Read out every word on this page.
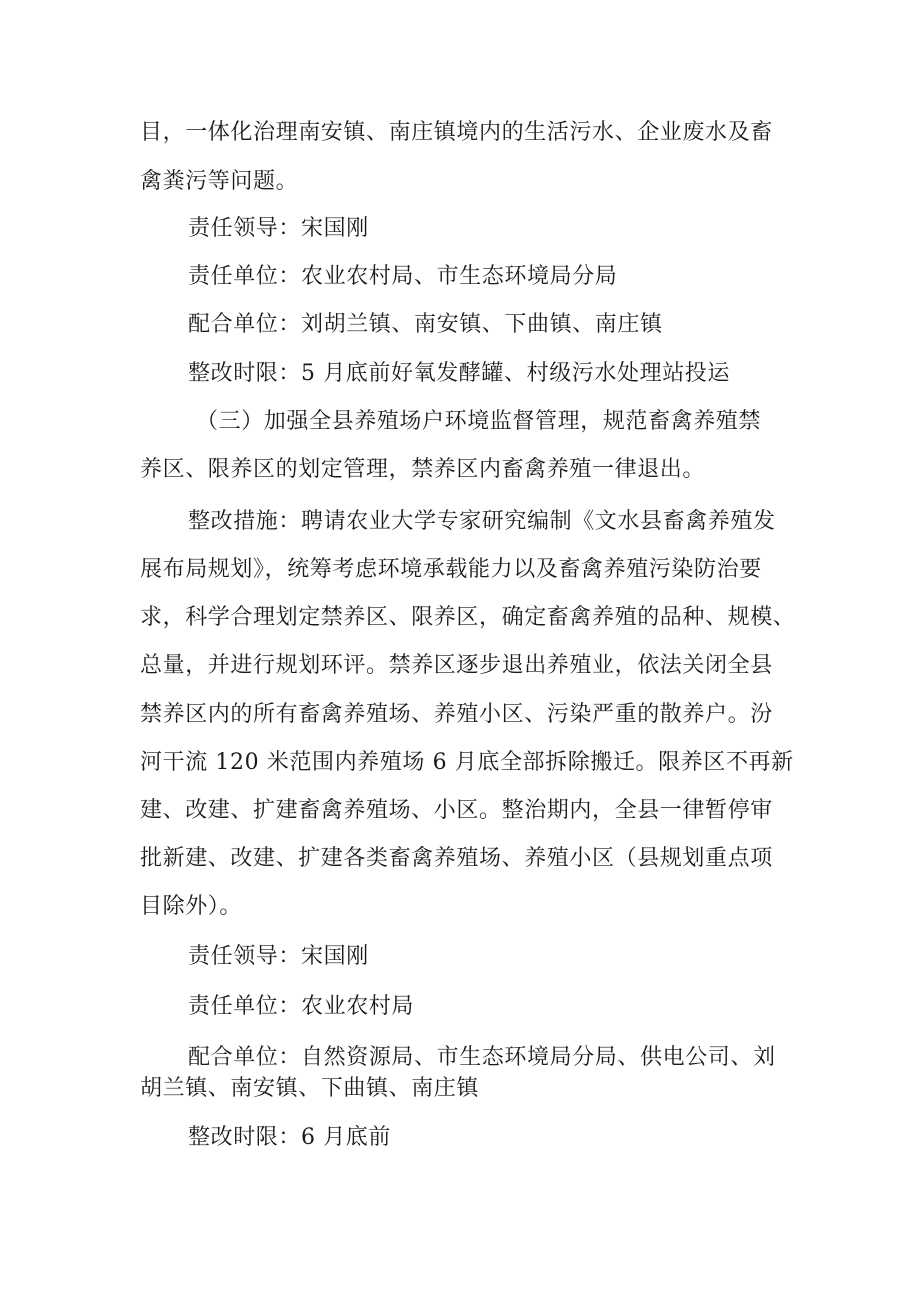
目，一体化治理南安镇、南庄镇境内的生活污水、企业废水及畜
禽粪污等问题。
责任领导：宋国刚
责任单位：农业农村局、市生态环境局分局
配合单位：刘胡兰镇、南安镇、下曲镇、南庄镇
整改时限：5 月底前好氧发酵罐、村级污水处理站投运
（三）加强全县养殖场户环境监督管理，规范畜禽养殖禁
养区、限养区的划定管理，禁养区内畜禽养殖一律退出。
整改措施：聘请农业大学专家研究编制《文水县畜禽养殖发
展布局规划》，统筹考虑环境承载能力以及畜禽养殖污染防治要
求，科学合理划定禁养区、限养区，确定畜禽养殖的品种、规模、
总量，并进行规划环评。禁养区逐步退出养殖业，依法关闭全县
禁养区内的所有畜禽养殖场、养殖小区、污染严重的散养户。汾
河干流 120 米范围内养殖场 6 月底全部拆除搬迁。限养区不再新
建、改建、扩建畜禽养殖场、小区。整治期内，全县一律暂停审
批新建、改建、扩建各类畜禽养殖场、养殖小区（县规划重点项
目除外）。
责任领导：宋国刚
责任单位：农业农村局
配合单位：自然资源局、市生态环境局分局、供电公司、刘
胡兰镇、南安镇、下曲镇、南庄镇
整改时限：6 月底前
